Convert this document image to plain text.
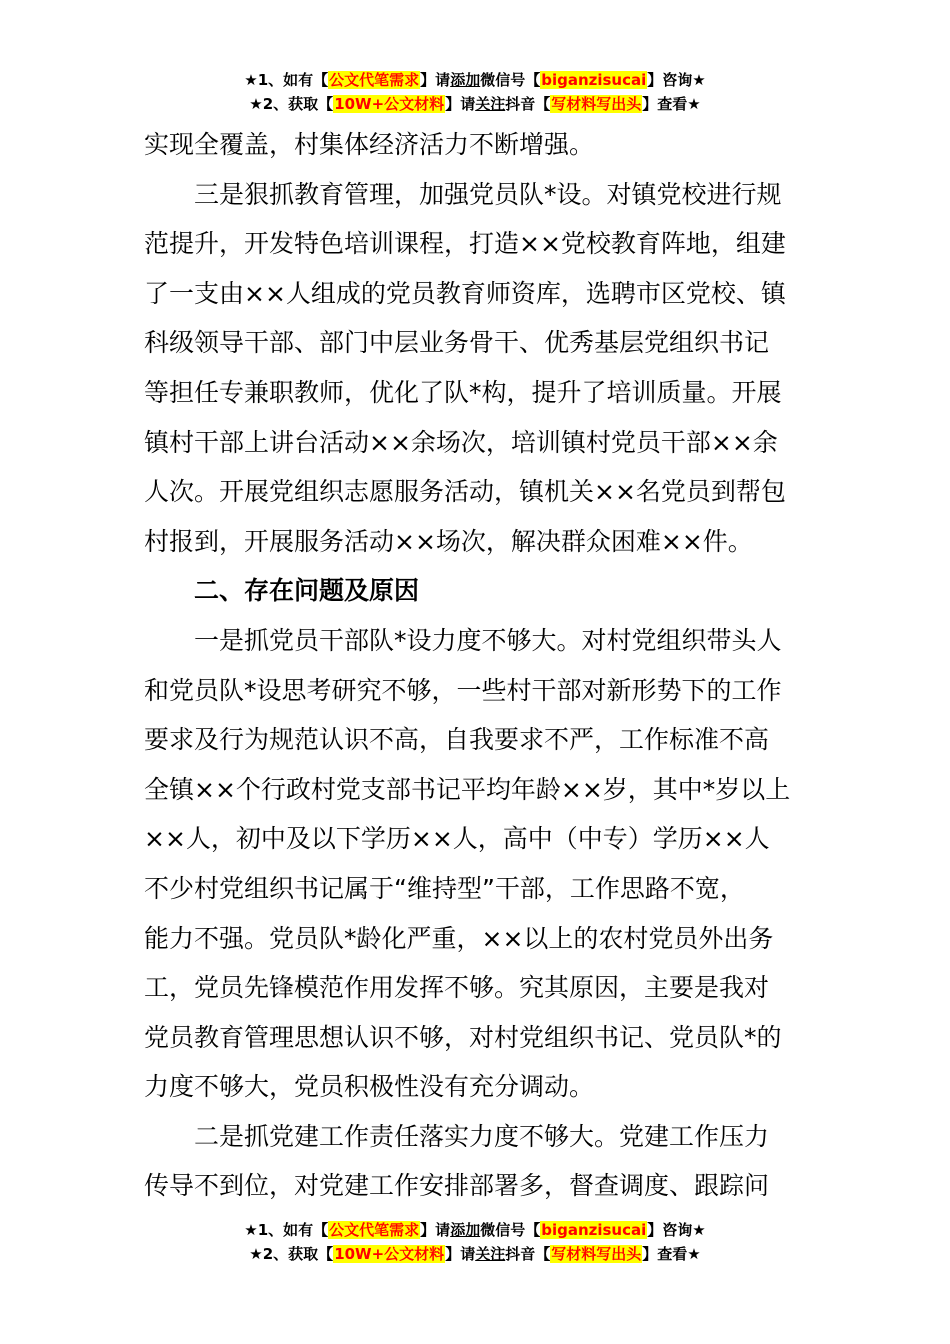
★1、如有【公文代笔需求】请添加微信号【biganzisucai】咨询★
★2、获取【10W+公文材料】请关注抖音【写材料写出头】查看★

实现全覆盖，村集体经济活力不断增强。

三是狠抓教育管理，加强党员队*设。对镇党校进行规

范提升，开发特色培训课程，打造××党校教育阵地，组建

了一支由××人组成的党员教育师资库，选聘市区党校、镇

科级领导干部、部门中层业务骨干、优秀基层党组织书记

等担任专兼职教师，优化了队*构，提升了培训质量。开展

镇村干部上讲台活动××余场次，培训镇村党员干部××余

人次。开展党组织志愿服务活动，镇机关××名党员到帮包

村报到，开展服务活动××场次，解决群众困难××件。

二、存在问题及原因

一是抓党员干部队*设力度不够大。对村党组织带头人

和党员队*设思考研究不够，一些村干部对新形势下的工作

要求及行为规范认识不高，自我要求不严，工作标准不高

全镇××个行政村党支部书记平均年龄××岁，其中*岁以上

××人，初中及以下学历××人，高中（中专）学历××人

不少村党组织书记属于“维持型”干部，工作思路不宽，

能力不强。党员队*龄化严重，××以上的农村党员外出务

工，党员先锋模范作用发挥不够。究其原因，主要是我对

党员教育管理思想认识不够，对村党组织书记、党员队*的

力度不够大，党员积极性没有充分调动。

二是抓党建工作责任落实力度不够大。党建工作压力

传导不到位，对党建工作安排部署多，督查调度、跟踪问

★1、如有【公文代笔需求】请添加微信号【biganzisucai】咨询★
★2、获取【10W+公文材料】请关注抖音【写材料写出头】查看★
